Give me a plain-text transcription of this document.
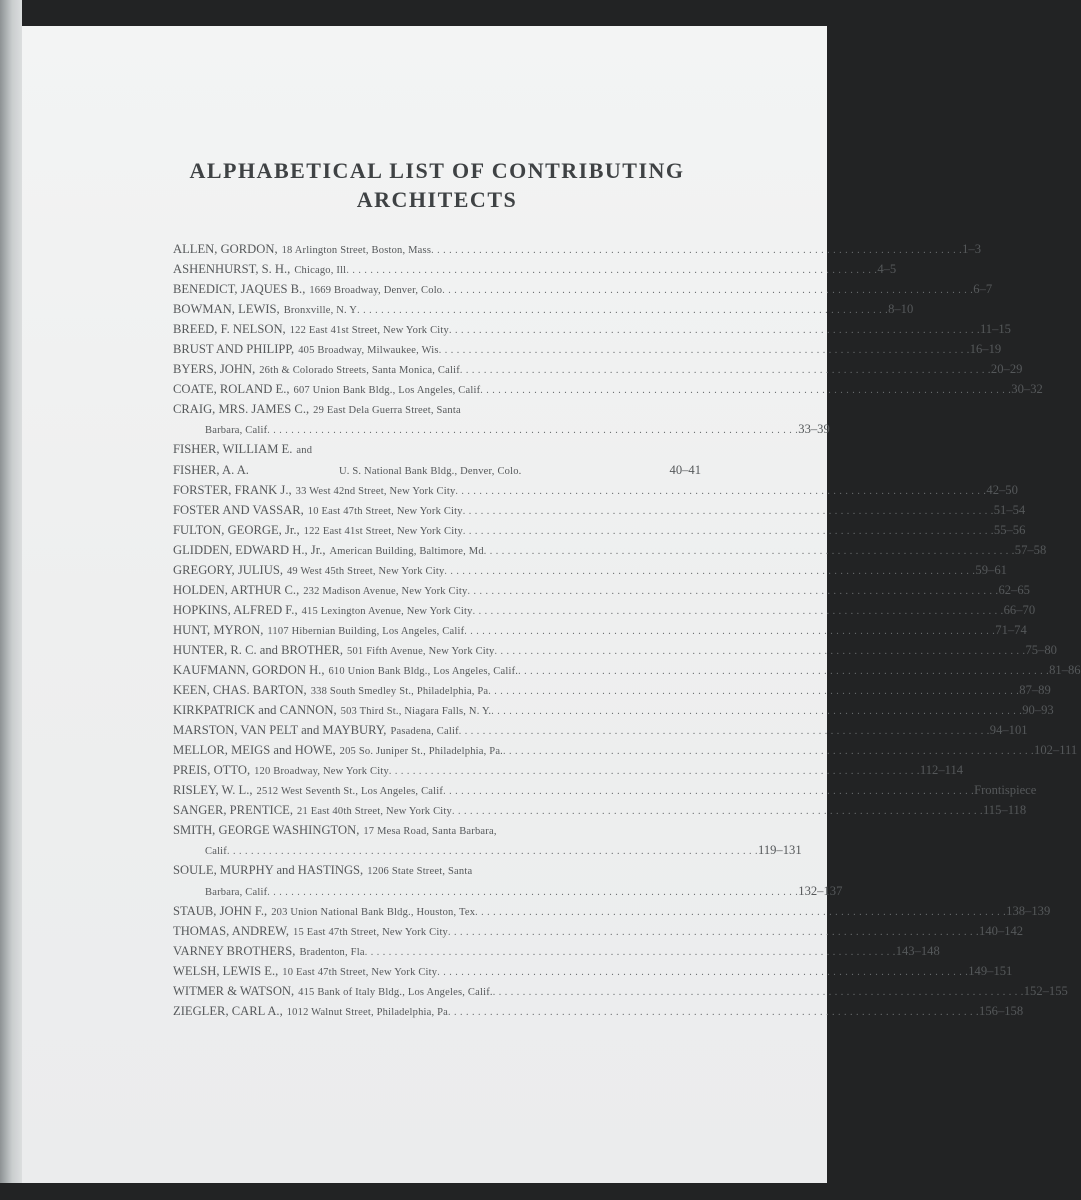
ALPHABETICAL LIST OF CONTRIBUTING
ARCHITECTS
ALLEN, GORDON, 18 Arlington Street, Boston, Mass . . .	1–3
ASHENHURST, S. H., Chicago, Ill . . .	4–5
BENEDICT, JAQUES B., 1669 Broadway, Denver, Colo . . .	6–7
BOWMAN, LEWIS, Bronxville, N. Y . . .	8–10
BREED, F. NELSON, 122 East 41st Street, New York City . . .	11–15
BRUST AND PHILIPP, 405 Broadway, Milwaukee, Wis . . .	16–19
BYERS, JOHN, 26th & Colorado Streets, Santa Monica, Calif . . .	20–29
COATE, ROLAND E., 607 Union Bank Bldg., Los Angeles, Calif . . .	30–32
CRAIG, MRS. JAMES C., 29 East Dela Guerra Street, Santa
Barbara, Calif . . .	33–39
FISHER, WILLIAM E. and
FISHER, A. A.	U. S. National Bank Bldg., Denver, Colo.	40–41
FORSTER, FRANK J., 33 West 42nd Street, New York City . . .	42–50
FOSTER AND VASSAR, 10 East 47th Street, New York City . . .	51–54
FULTON, GEORGE, Jr., 122 East 41st Street, New York City . . .	55–56
GLIDDEN, EDWARD H., Jr., American Building, Baltimore, Md . . .	57–58
GREGORY, JULIUS, 49 West 45th Street, New York City . . .	59–61
HOLDEN, ARTHUR C., 232 Madison Avenue, New York City . . .	62–65
HOPKINS, ALFRED F., 415 Lexington Avenue, New York City . . .	66–70
HUNT, MYRON, 1107 Hibernian Building, Los Angeles, Calif . . .	71–74
HUNTER, R. C. and BROTHER, 501 Fifth Avenue, New York City . . .	75–80
KAUFMANN, GORDON H., 610 Union Bank Bldg., Los Angeles, Calif. . . .	81–86
KEEN, CHAS. BARTON, 338 South Smedley St., Philadelphia, Pa . . .	87–89
KIRKPATRICK and CANNON, 503 Third St., Niagara Falls, N. Y. . . .	90–93
MARSTON, VAN PELT and MAYBURY, Pasadena, Calif . . .	94–101
MELLOR, MEIGS and HOWE, 205 So. Juniper St., Philadelphia, Pa. . . .	102–111
PREIS, OTTO, 120 Broadway, New York City . . .	112–114
RISLEY, W. L., 2512 West Seventh St., Los Angeles, Calif . . .	Frontispiece
SANGER, PRENTICE, 21 East 40th Street, New York City . . .	115–118
SMITH, GEORGE WASHINGTON, 17 Mesa Road, Santa Barbara,
Calif . . .	119–131
SOULE, MURPHY and HASTINGS, 1206 State Street, Santa
Barbara, Calif . . .	132–137
STAUB, JOHN F., 203 Union National Bank Bldg., Houston, Tex . . .	138–139
THOMAS, ANDREW, 15 East 47th Street, New York City . . .	140–142
VARNEY BROTHERS, Bradenton, Fla . . .	143–148
WELSH, LEWIS E., 10 East 47th Street, New York City . . .	149–151
WITMER & WATSON, 415 Bank of Italy Bldg., Los Angeles, Calif. . . .	152–155
ZIEGLER, CARL A., 1012 Walnut Street, Philadelphia, Pa . . .	156–158
